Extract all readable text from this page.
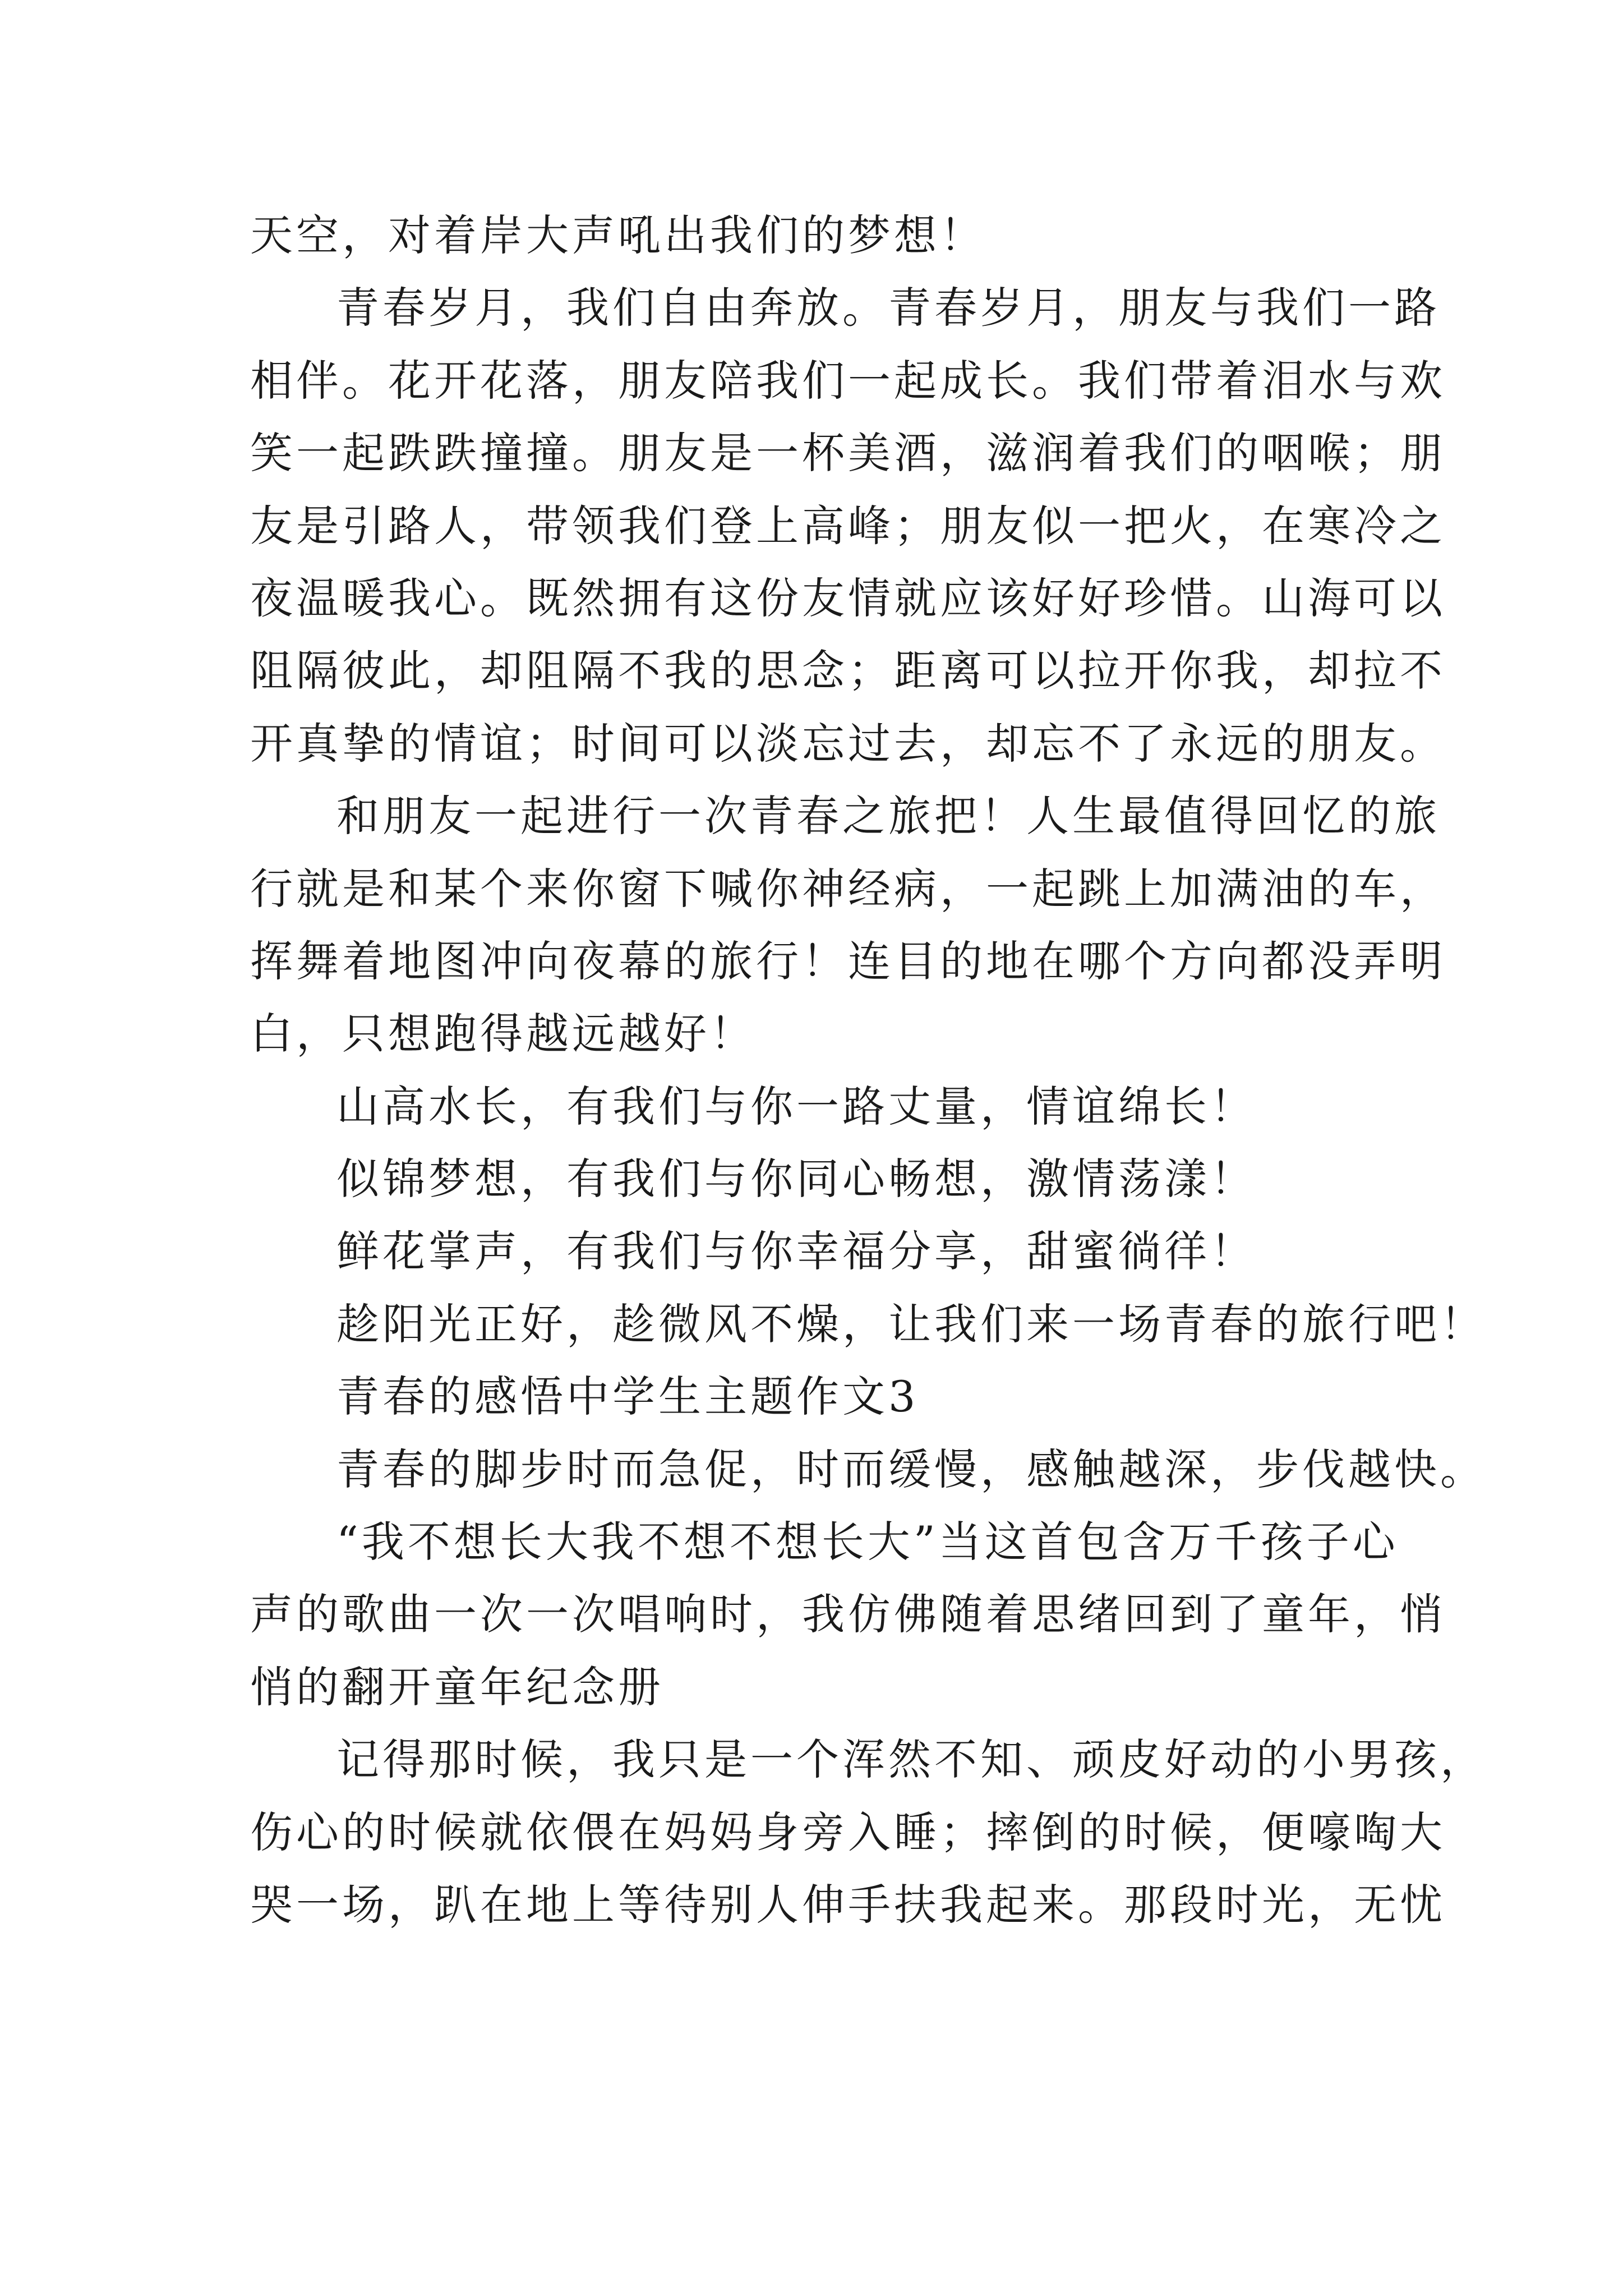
天空，对着岸大声吼出我们的梦想！
青春岁月，我们自由奔放。青春岁月，朋友与我们一路
相伴。花开花落，朋友陪我们一起成长。我们带着泪水与欢
笑一起跌跌撞撞。朋友是一杯美酒，滋润着我们的咽喉；朋
友是引路人，带领我们登上高峰；朋友似一把火，在寒冷之
夜温暖我心。既然拥有这份友情就应该好好珍惜。山海可以
阻隔彼此，却阻隔不我的思念；距离可以拉开你我，却拉不
开真挚的情谊；时间可以淡忘过去，却忘不了永远的朋友。
和朋友一起进行一次青春之旅把！人生最值得回忆的旅
行就是和某个来你窗下喊你神经病，一起跳上加满油的车，
挥舞着地图冲向夜幕的旅行！连目的地在哪个方向都没弄明
白，只想跑得越远越好！
山高水长，有我们与你一路丈量，情谊绵长！
似锦梦想，有我们与你同心畅想，激情荡漾！
鲜花掌声，有我们与你幸福分享，甜蜜徜徉！
趁阳光正好，趁微风不燥，让我们来一场青春的旅行吧！
青春的感悟中学生主题作文3
青春的脚步时而急促，时而缓慢，感触越深，步伐越快。
“我不想长大我不想不想长大”当这首包含万千孩子心
声的歌曲一次一次唱响时，我仿佛随着思绪回到了童年，悄
悄的翻开童年纪念册
记得那时候，我只是一个浑然不知、顽皮好动的小男孩，
伤心的时候就依偎在妈妈身旁入睡；摔倒的时候，便嚎啕大
哭一场，趴在地上等待别人伸手扶我起来。那段时光，无忧
